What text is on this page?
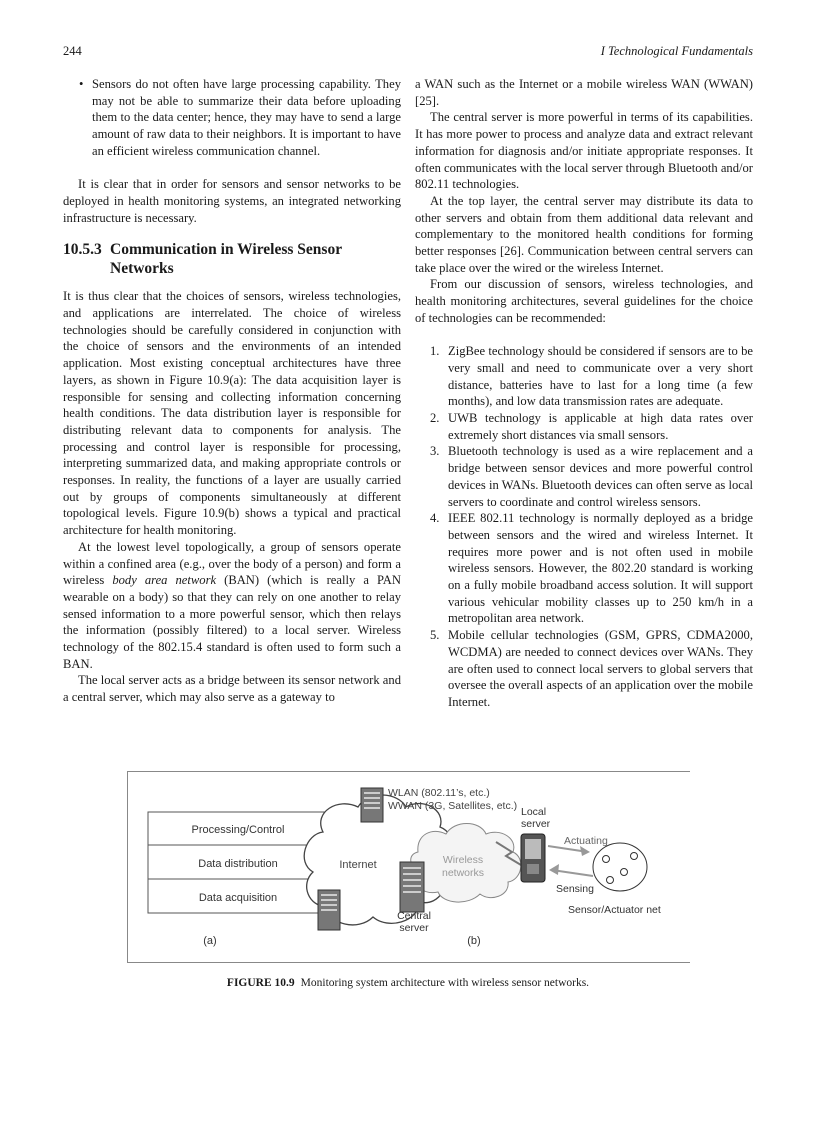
244	I Technological Fundamentals
• Sensors do not often have large processing capability. They may not be able to summarize their data before uploading them to the data center; hence, they may have to send a large amount of raw data to their neighbors. It is important to have an efficient wireless communication channel.

It is clear that in order for sensors and sensor networks to be deployed in health monitoring systems, an integrated networking infrastructure is necessary.

10.5.3 Communication in Wireless Sensor Networks

It is thus clear that the choices of sensors, wireless technologies, and applications are interrelated. The choice of wireless technologies should be carefully considered in conjunction with the choice of sensors and the environments of an intended application. Most existing conceptual architectures have three layers, as shown in Figure 10.9(a): The data acquisition layer is responsible for sensing and collecting information concerning health conditions. The data distribution layer is responsible for distributing relevant data to components for analysis. The processing and control layer is responsible for processing, interpreting summarized data, and making appropriate controls or responses. In reality, the functions of a layer are usually carried out by groups of components simultaneously at different topological levels. Figure 10.9(b) shows a typical and practical architecture for health monitoring.

At the lowest level topologically, a group of sensors operate within a confined area (e.g., over the body of a person) and form a wireless body area network (BAN) (which is really a PAN wearable on a body) so that they can rely on one another to relay sensed information to a more powerful sensor, which then relays the information (possibly filtered) to a local server. Wireless technology of the 802.15.4 standard is often used to form such a BAN.

The local server acts as a bridge between its sensor network and a central server, which may also serve as a gateway to

a WAN such as the Internet or a mobile wireless WAN (WWAN) [25].

The central server is more powerful in terms of its capabilities. It has more power to process and analyze data and extract relevant information for diagnosis and/or initiate appropriate responses. It often communicates with the local server through Bluetooth and/or 802.11 technologies.

At the top layer, the central server may distribute its data to other servers and obtain from them additional data relevant and complementary to the monitored health conditions for forming better responses [26]. Communication between central servers can take place over the wired or the wireless Internet.

From our discussion of sensors, wireless technologies, and health monitoring architectures, several guidelines for the choice of technologies can be recommended:

1. ZigBee technology should be considered if sensors are to be very small and need to communicate over a very short distance, batteries have to last for a long time (a few months), and low data transmission rates are adequate.
2. UWB technology is applicable at high data rates over extremely short distances via small sensors.
3. Bluetooth technology is used as a wire replacement and a bridge between sensor devices and more powerful control devices in WANs. Bluetooth devices can often serve as local servers to coordinate and control wireless sensors.
4. IEEE 802.11 technology is normally deployed as a bridge between sensors and the wired and wireless Internet. It requires more power and is not often used in mobile wireless sensors. However, the 802.20 standard is working on a fully mobile broadband access solution. It will support various vehicular mobility classes up to 250 km/h in a metropolitan area network.
5. Mobile cellular technologies (GSM, GPRS, CDMA2000, WCDMA) are needed to connect devices over WANs. They are often used to connect local servers to global servers that oversee the overall aspects of an application over the mobile Internet.
Processing/Control
Data distribution
Data acquisition
(a)
Internet	Wireless
networks
WLAN (802.11’s, etc.)
WWAN (3G, Satellites, etc.)
Central
server
Local
server
Actuating
Sensing
Sensor/Actuator net
(b)
FIGURE 10.9 Monitoring system architecture with wireless sensor networks.
